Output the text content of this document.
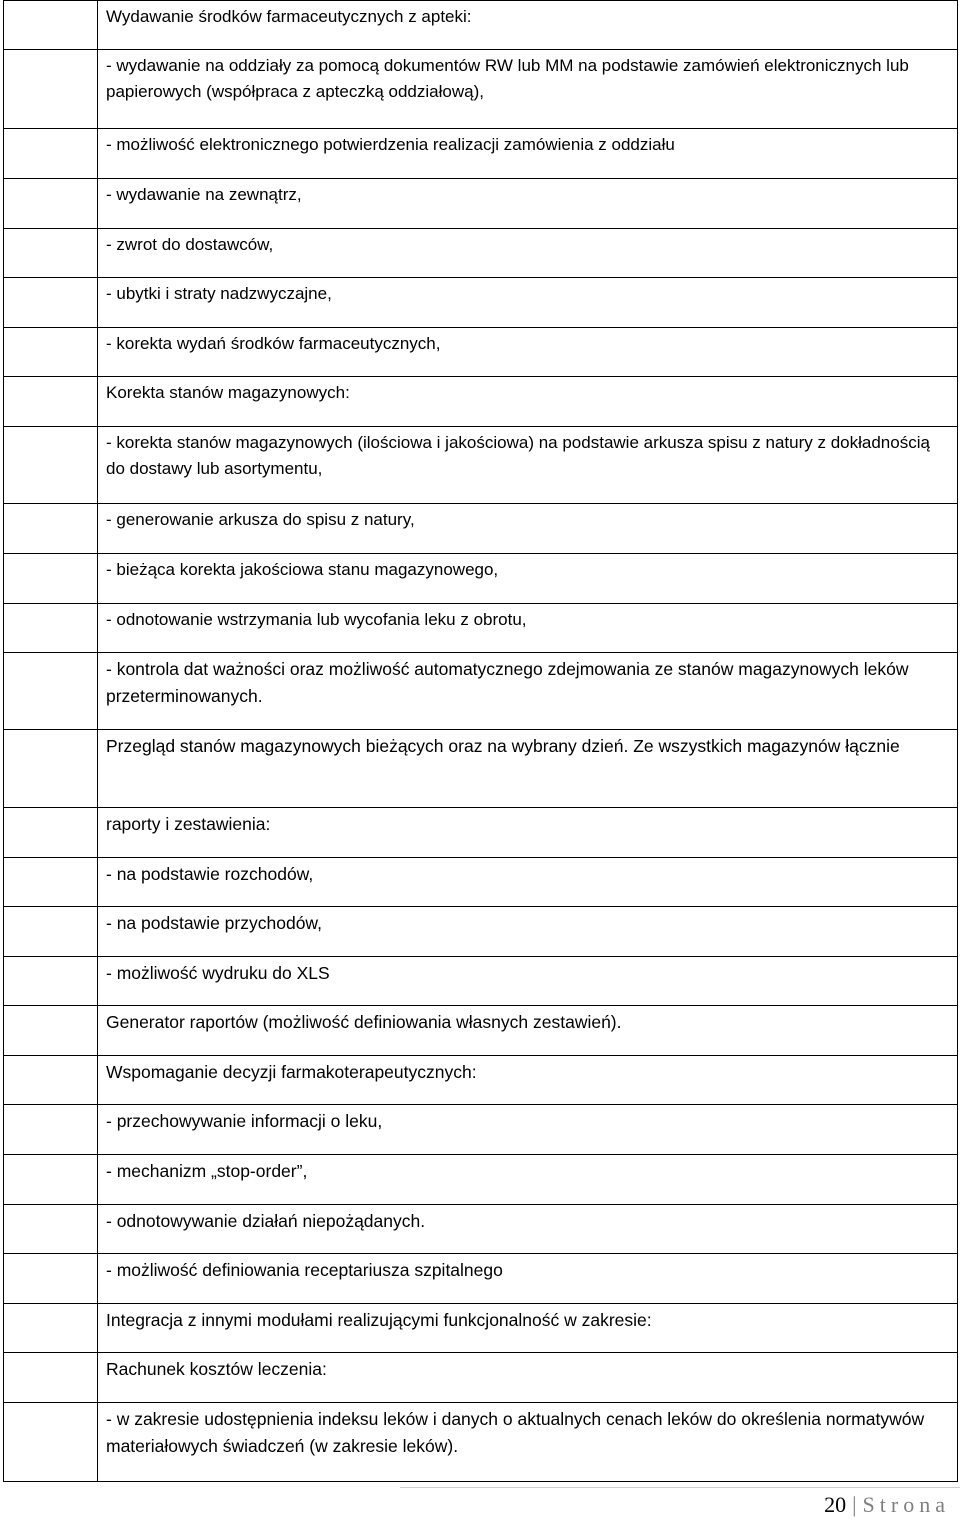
	Wydawanie środków farmaceutycznych z apteki:

	- wydawanie na oddziały za pomocą dokumentów RW lub MM na podstawie zamówień elektronicznych lub papierowych (współpraca z apteczką oddziałową),

	- możliwość elektronicznego potwierdzenia realizacji zamówienia z oddziału

	- wydawanie na zewnątrz,

	- zwrot do dostawców,

	- ubytki i straty nadzwyczajne,

	- korekta wydań środków farmaceutycznych,

	Korekta stanów magazynowych:

	- korekta stanów magazynowych (ilościowa i jakościowa) na podstawie arkusza spisu z natury z dokładnością do dostawy lub asortymentu,

	- generowanie arkusza do spisu z natury,

	- bieżąca korekta jakościowa stanu magazynowego,

	- odnotowanie wstrzymania lub wycofania leku z obrotu,

	- kontrola dat ważności oraz możliwość automatycznego zdejmowania ze stanów magazynowych leków przeterminowanych.

	Przegląd stanów magazynowych bieżących oraz na wybrany dzień. Ze wszystkich magazynów łącznie

	raporty i zestawienia:

	- na podstawie rozchodów,

	- na podstawie przychodów,

	- możliwość wydruku do XLS

	Generator raportów (możliwość definiowania własnych zestawień).

	Wspomaganie decyzji farmakoterapeutycznych:

	- przechowywanie informacji o leku,

	- mechanizm „stop-order”,

	- odnotowywanie działań niepożądanych.

	- możliwość definiowania receptariusza szpitalnego

	Integracja z innymi modułami realizującymi funkcjonalność w zakresie:

	Rachunek kosztów leczenia:

	- w zakresie udostępnienia indeksu leków i danych o aktualnych cenach leków do określenia normatywów materiałowych świadczeń (w zakresie leków).
20 | Strona
